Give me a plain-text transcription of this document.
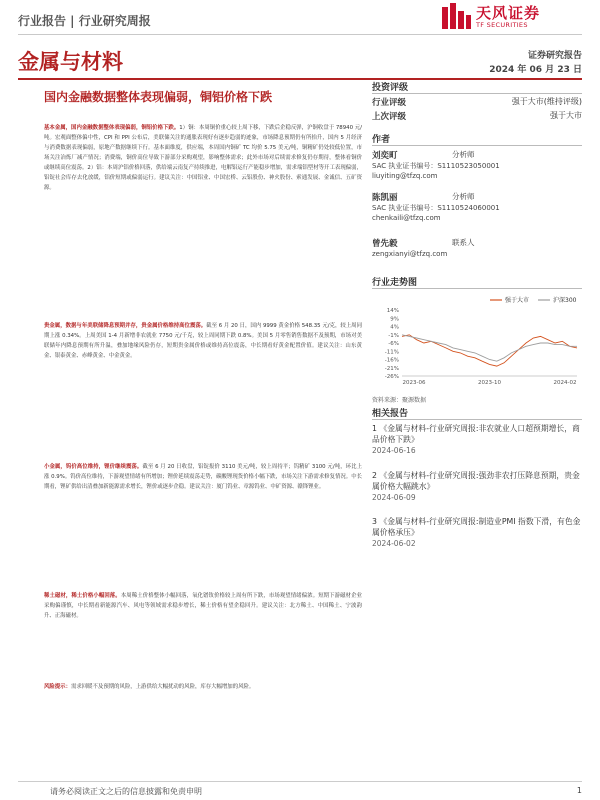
行业报告 | 行业研究周报	天风证券
TF SECURITIES
金属与材料	证券研究报告
2024 年 06 月 23 日
国内金融数据整体表现偏弱，铜铝价格下跌
基本金属，国内金融数据整体表现偏弱，铜铝价格下跌。1）铜：本周铜价重心较上周下移，下跌后企稳反弹，沪铜收盘于 78940 元/吨。宏观面整体偏中性，CPI 和 PPI 公布后，美联储关注的通胀表现好有逐步趋弱的迹象，市场降息预期仍有所抬升，国内 5 月经济与消费数据表现偏弱，原地产数据继续下行。基本面维度，供应端，本周国内铜矿 TC 均价 5.75 美元/吨，铜精矿仍处较低位置，市场关注冶炼厂减产情况；消费端，铜价高位导致下游部分采购观望，影响整体需求；此外市场对后续需求修复仍存期待，整体看铜价或继续高位震荡。2）铝：本周沪铝价格回落，供给端云南复产持续推进，电解铝运行产能稳步增加，需求端铝型材等开工表现偏弱，铝锭社会库存去化放缓，铝价短期或偏弱运行。建议关注：中国铝业、中国宏桥、云铝股份、神火股份、索通发展、金诚信、五矿资源。
贵金属，数据与年美联储降息预期并存，贵金属价格维持高位震荡。截至 6 月 20 日，国内 9999 黄金价格 548.35 元/克，较上周同期上涨 0.34%。上周美国 1-4 月新增非农就业 7750 元/千克，较上周同期下跌 0.8%。美国 5 月零售销售数据不及预期，市场对美联储年内降息预期有所升温，叠加地缘风险仍存，短期贵金属价格或维持高位震荡，中长期看好黄金配置价值。建议关注：山东黄金、银泰黄金、赤峰黄金、中金黄金。
小金属，钨价高位维持，锂价继续震荡。截至 6 月 20 日收盘，铝锭报价 3110 美元/吨，较上周持平；钨精矿 3100 元/吨，环比上涨 0.9%。钨价高位维持，下游观望情绪有所增加；锂价延续震荡走势，碳酸锂现货价格小幅下跌，市场关注下游需求修复情况。中长期看，锂矿供给出清叠加新能源需求增长，锂价或逐步企稳。建议关注：厦门钨业、章源钨业、中矿资源、赣锋锂业。
稀土磁材，稀土价格小幅回落。本周稀土价格整体小幅回落，氧化镨钕价格较上周有所下跌，市场观望情绪偏浓。短期下游磁材企业采购偏谨慎，中长期看新能源汽车、风电等领域需求稳步增长，稀土价格有望企稳回升。建议关注：北方稀土、中国稀土、宁波韵升、正海磁材。
风险提示：需求回暖不及预期的风险，上游供给大幅扰动的风险，库存大幅增加的风险。
投资评级
行业评级	强于大市(维持评级)
上次评级	强于大市
作者
刘奕町	分析师
SAC 执业证书编号：S1110523050001
liuyiting@tfzq.com
陈凯丽	分析师
SAC 执业证书编号：S1110524060001
chenkaili@tfzq.com
曾先毅	联系人
zengxianyi@tfzq.com
行业走势图
14%
9%
4%
-1%
-6%
-11%
-16%
-21%
-26%
2023-06	2023-10	2024-02
强于大市	沪深300
资料来源：聚源数据
相关报告
1 《金属与材料-行业研究周报:非农就业人口超预期增长，商品价格下跌》
2024-06-16
2 《金属与材料-行业研究周报:强劲非农打压降息预期，贵金属价格大幅跳水》
2024-06-09
3 《金属与材料-行业研究周报:制造业PMI 指数下滑，有色金属价格承压》
2024-06-02
请务必阅读正文之后的信息披露和免责申明	1
